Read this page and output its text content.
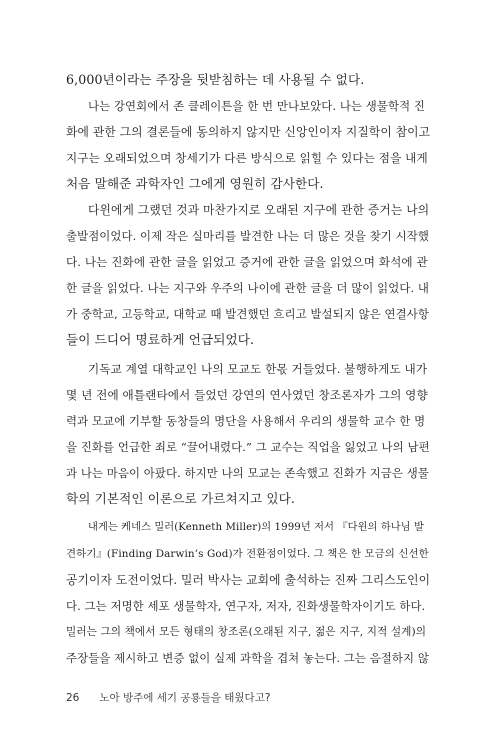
6,000년이라는 주장을 뒷받침하는 데 사용될 수 없다.
나는 강연회에서 존 클레이튼을 한 번 만나보았다. 나는 생물학적 진
화에 관한 그의 결론들에 동의하지 않지만 신앙인이자 지질학이 참이고
지구는 오래되었으며 창세기가 다른 방식으로 읽힐 수 있다는 점을 내게
처음 말해준 과학자인 그에게 영원히 감사한다.
다윈에게 그랬던 것과 마찬가지로 오래된 지구에 관한 증거는 나의
출발점이었다. 이제 작은 실마리를 발견한 나는 더 많은 것을 찾기 시작했
다. 나는 진화에 관한 글을 읽었고 증거에 관한 글을 읽었으며 화석에 관
한 글을 읽었다. 나는 지구와 우주의 나이에 관한 글을 더 많이 읽었다. 내
가 중학교, 고등학교, 대학교 때 발견했던 흐리고 발설되지 않은 연결사항
들이 드디어 명료하게 언급되었다.
기독교 계열 대학교인 나의 모교도 한몫 거들었다. 불행하게도 내가
몇 년 전에 애틀랜타에서 들었던 강연의 연사였던 창조론자가 그의 영향
력과 모교에 기부할 동창들의 명단을 사용해서 우리의 생물학 교수 한 명
을 진화를 언급한 죄로 “끌어내렸다.” 그 교수는 직업을 잃었고 나의 남편
과 나는 마음이 아팠다. 하지만 나의 모교는 존속했고 진화가 지금은 생물
학의 기본적인 이론으로 가르쳐지고 있다.
내게는 케네스 밀러(Kenneth Miller)의 1999년 저서 『다윈의 하나님 발
견하기』(Finding Darwin’s God)가 전환점이었다. 그 책은 한 모금의 신선한
공기이자 도전이었다. 밀러 박사는 교회에 출석하는 진짜 그리스도인이
다. 그는 저명한 세포 생물학자, 연구자, 저자, 진화생물학자이기도 하다.
밀러는 그의 책에서 모든 형태의 창조론(오래된 지구, 젊은 지구, 지적 설계)의
주장들을 제시하고 변증 없이 실제 과학을 겹쳐 놓는다. 그는 음절하지 않
26 노아 방주에 세기 공룡들을 태웠다고?
